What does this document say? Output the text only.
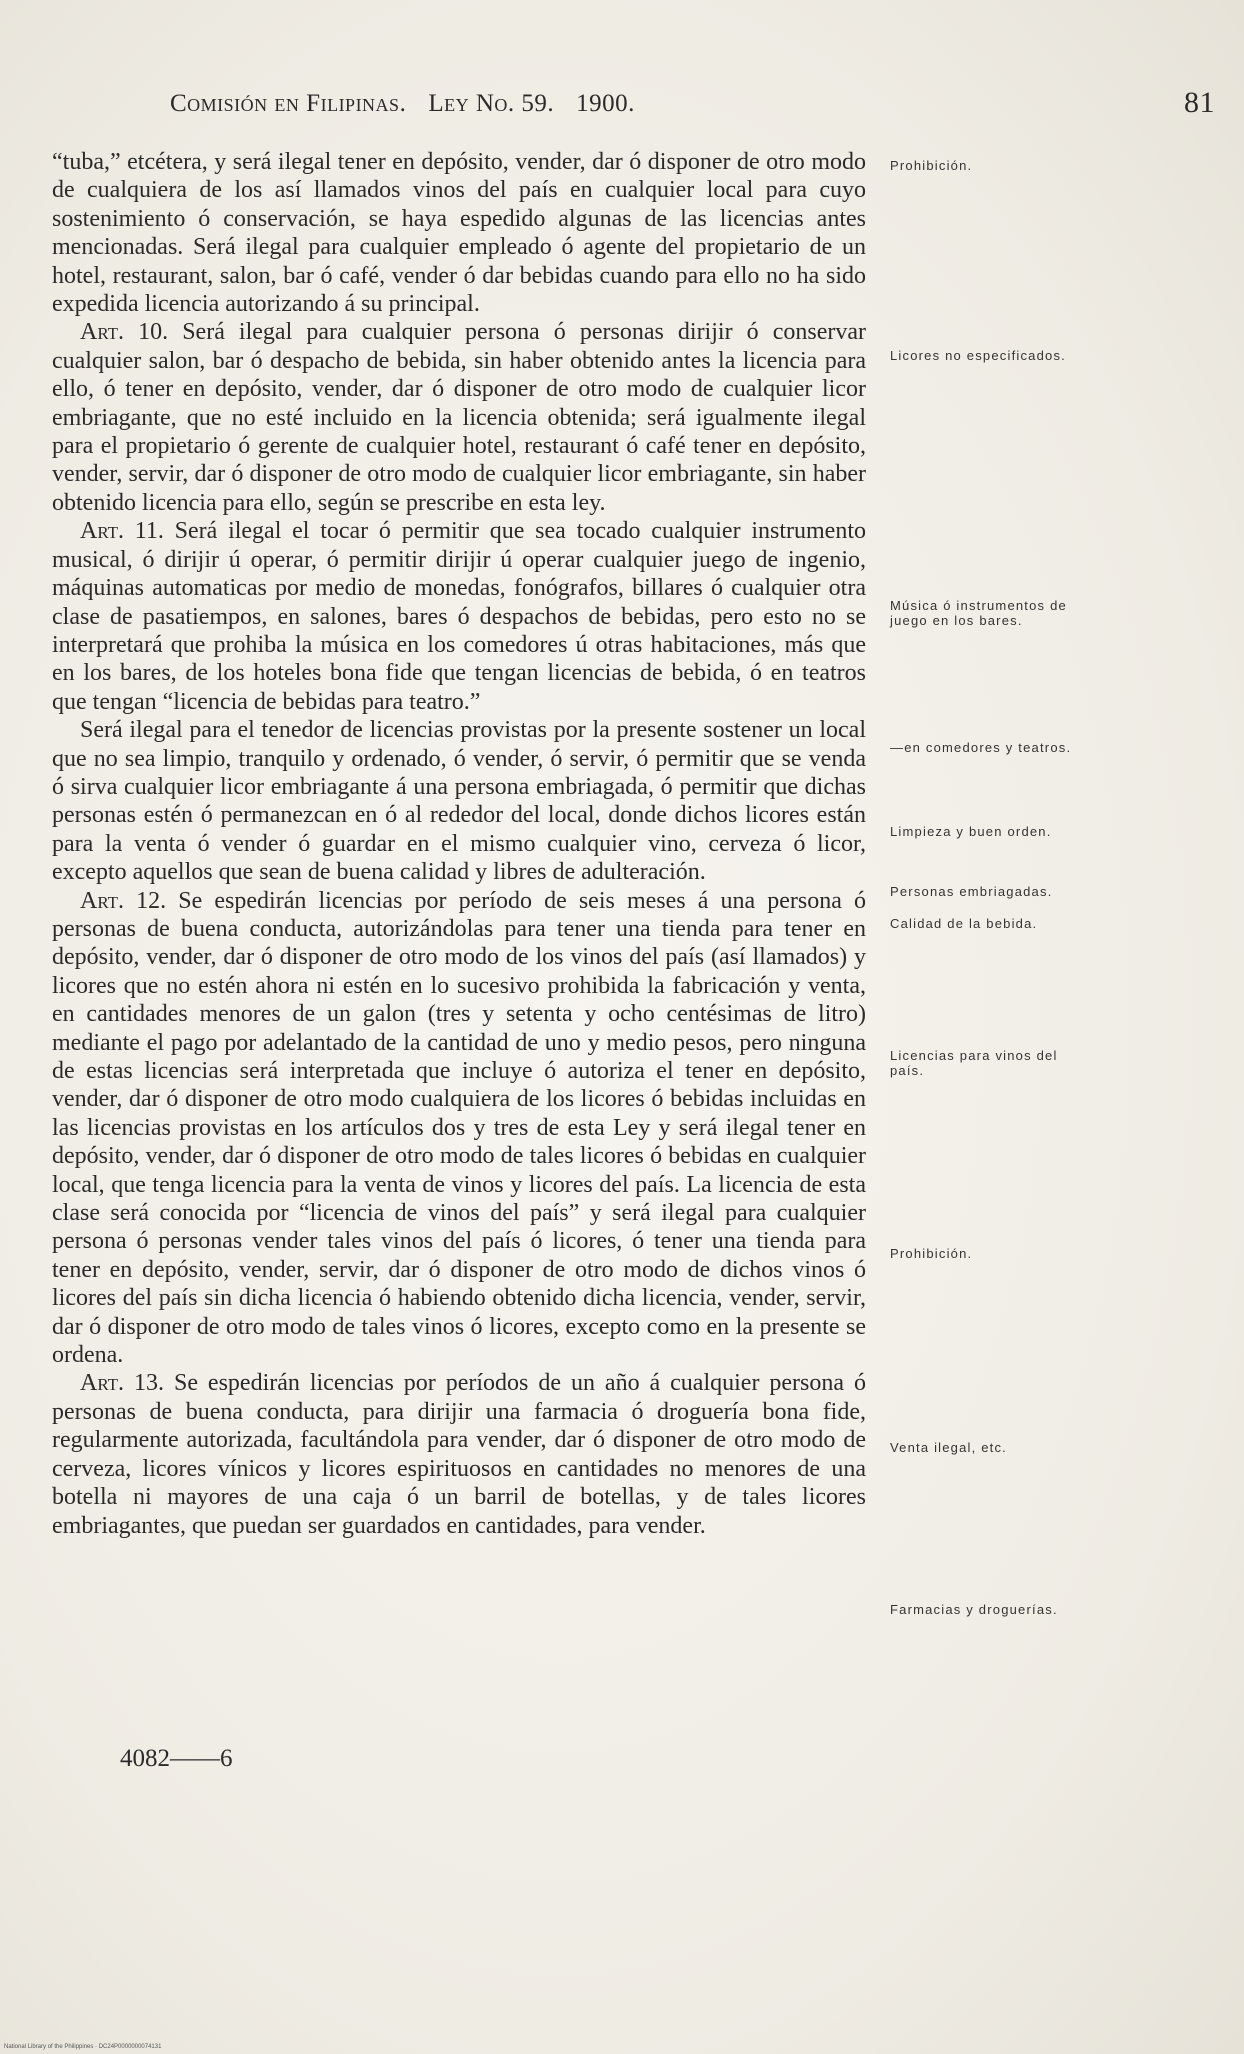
Comisión en Filipinas. Ley No. 59. 1900.	81

“tuba,” etcétera, y será ilegal tener en depósito, vender, dar ó disponer de otro modo de cualquiera de los así llamados vinos del país en cualquier local para cuyo sostenimiento ó conservación, se haya espedido algunas de las licencias antes mencionadas. Será ilegal para cualquier empleado ó agente del propietario de un hotel, restaurant, salon, bar ó café, vender ó dar bebidas cuando para ello no ha sido expedida licencia autorizando á su principal.

Art. 10. Será ilegal para cualquier persona ó personas dirijir ó conservar cualquier salon, bar ó despacho de bebida, sin haber obtenido antes la licencia para ello, ó tener en depósito, vender, dar ó disponer de otro modo de cualquier licor embriagante, que no esté incluido en la licencia obtenida; será igualmente ilegal para el propietario ó gerente de cualquier hotel, restaurant ó café tener en depósito, vender, servir, dar ó disponer de otro modo de cualquier licor embriagante, sin haber obtenido licencia para ello, según se prescribe en esta ley.

Art. 11. Será ilegal el tocar ó permitir que sea tocado cualquier instrumento musical, ó dirijir ú operar, ó permitir dirijir ú operar cualquier juego de ingenio, máquinas automaticas por medio de monedas, fonógrafos, billares ó cualquier otra clase de pasatiempos, en salones, bares ó despachos de bebidas, pero esto no se interpretará que prohiba la música en los comedores ú otras habitaciones, más que en los bares, de los hoteles bona fide que tengan licencias de bebida, ó en teatros que tengan “licencia de bebidas para teatro.”

Será ilegal para el tenedor de licencias provistas por la presente sostener un local que no sea limpio, tranquilo y ordenado, ó vender, ó servir, ó permitir que se venda ó sirva cualquier licor embriagante á una persona embriagada, ó permitir que dichas personas estén ó permanezcan en ó al rededor del local, donde dichos licores están para la venta ó vender ó guardar en el mismo cualquier vino, cerveza ó licor, excepto aquellos que sean de buena calidad y libres de adulteración.

Art. 12. Se espedirán licencias por período de seis meses á una persona ó personas de buena conducta, autorizándolas para tener una tienda para tener en depósito, vender, dar ó disponer de otro modo de los vinos del país (así llamados) y licores que no estén ahora ni estén en lo sucesivo prohibida la fabricación y venta, en cantidades menores de un galon (tres y setenta y ocho centésimas de litro) mediante el pago por adelantado de la cantidad de uno y medio pesos, pero ninguna de estas licencias será interpretada que incluye ó autoriza el tener en depósito, vender, dar ó disponer de otro modo cualquiera de los licores ó bebidas incluidas en las licencias provistas en los artículos dos y tres de esta Ley y será ilegal tener en depósito, vender, dar ó disponer de otro modo de tales licores ó bebidas en cualquier local, que tenga licencia para la venta de vinos y licores del país. La licencia de esta clase será conocida por “licencia de vinos del país” y será ilegal para cualquier persona ó personas vender tales vinos del país ó licores, ó tener una tienda para tener en depósito, vender, servir, dar ó disponer de otro modo de dichos vinos ó licores del país sin dicha licencia ó habiendo obtenido dicha licencia, vender, servir, dar ó disponer de otro modo de tales vinos ó licores, excepto como en la presente se ordena.

Art. 13. Se espedirán licencias por períodos de un año á cualquier persona ó personas de buena conducta, para dirijir una farmacia ó droguería bona fide, regularmente autorizada, facultándola para vender, dar ó disponer de otro modo de cerveza, licores vínicos y licores espirituosos en cantidades no menores de una botella ni mayores de una caja ó un barril de botellas, y de tales licores embriagantes, que puedan ser guardados en cantidades, para vender.

Prohibición.
Licores no especificados.
Música ó instrumentos de juego en los bares.
—en comedores y teatros.
Limpieza y buen orden.
Personas embriagadas.
Calidad de la bebida.
Licencias para vinos del país.
Prohibición.
Venta ilegal, etc.
Farmacias y droguerías.
4082——6
National Library of the Philippines · DC24P0000000074131
